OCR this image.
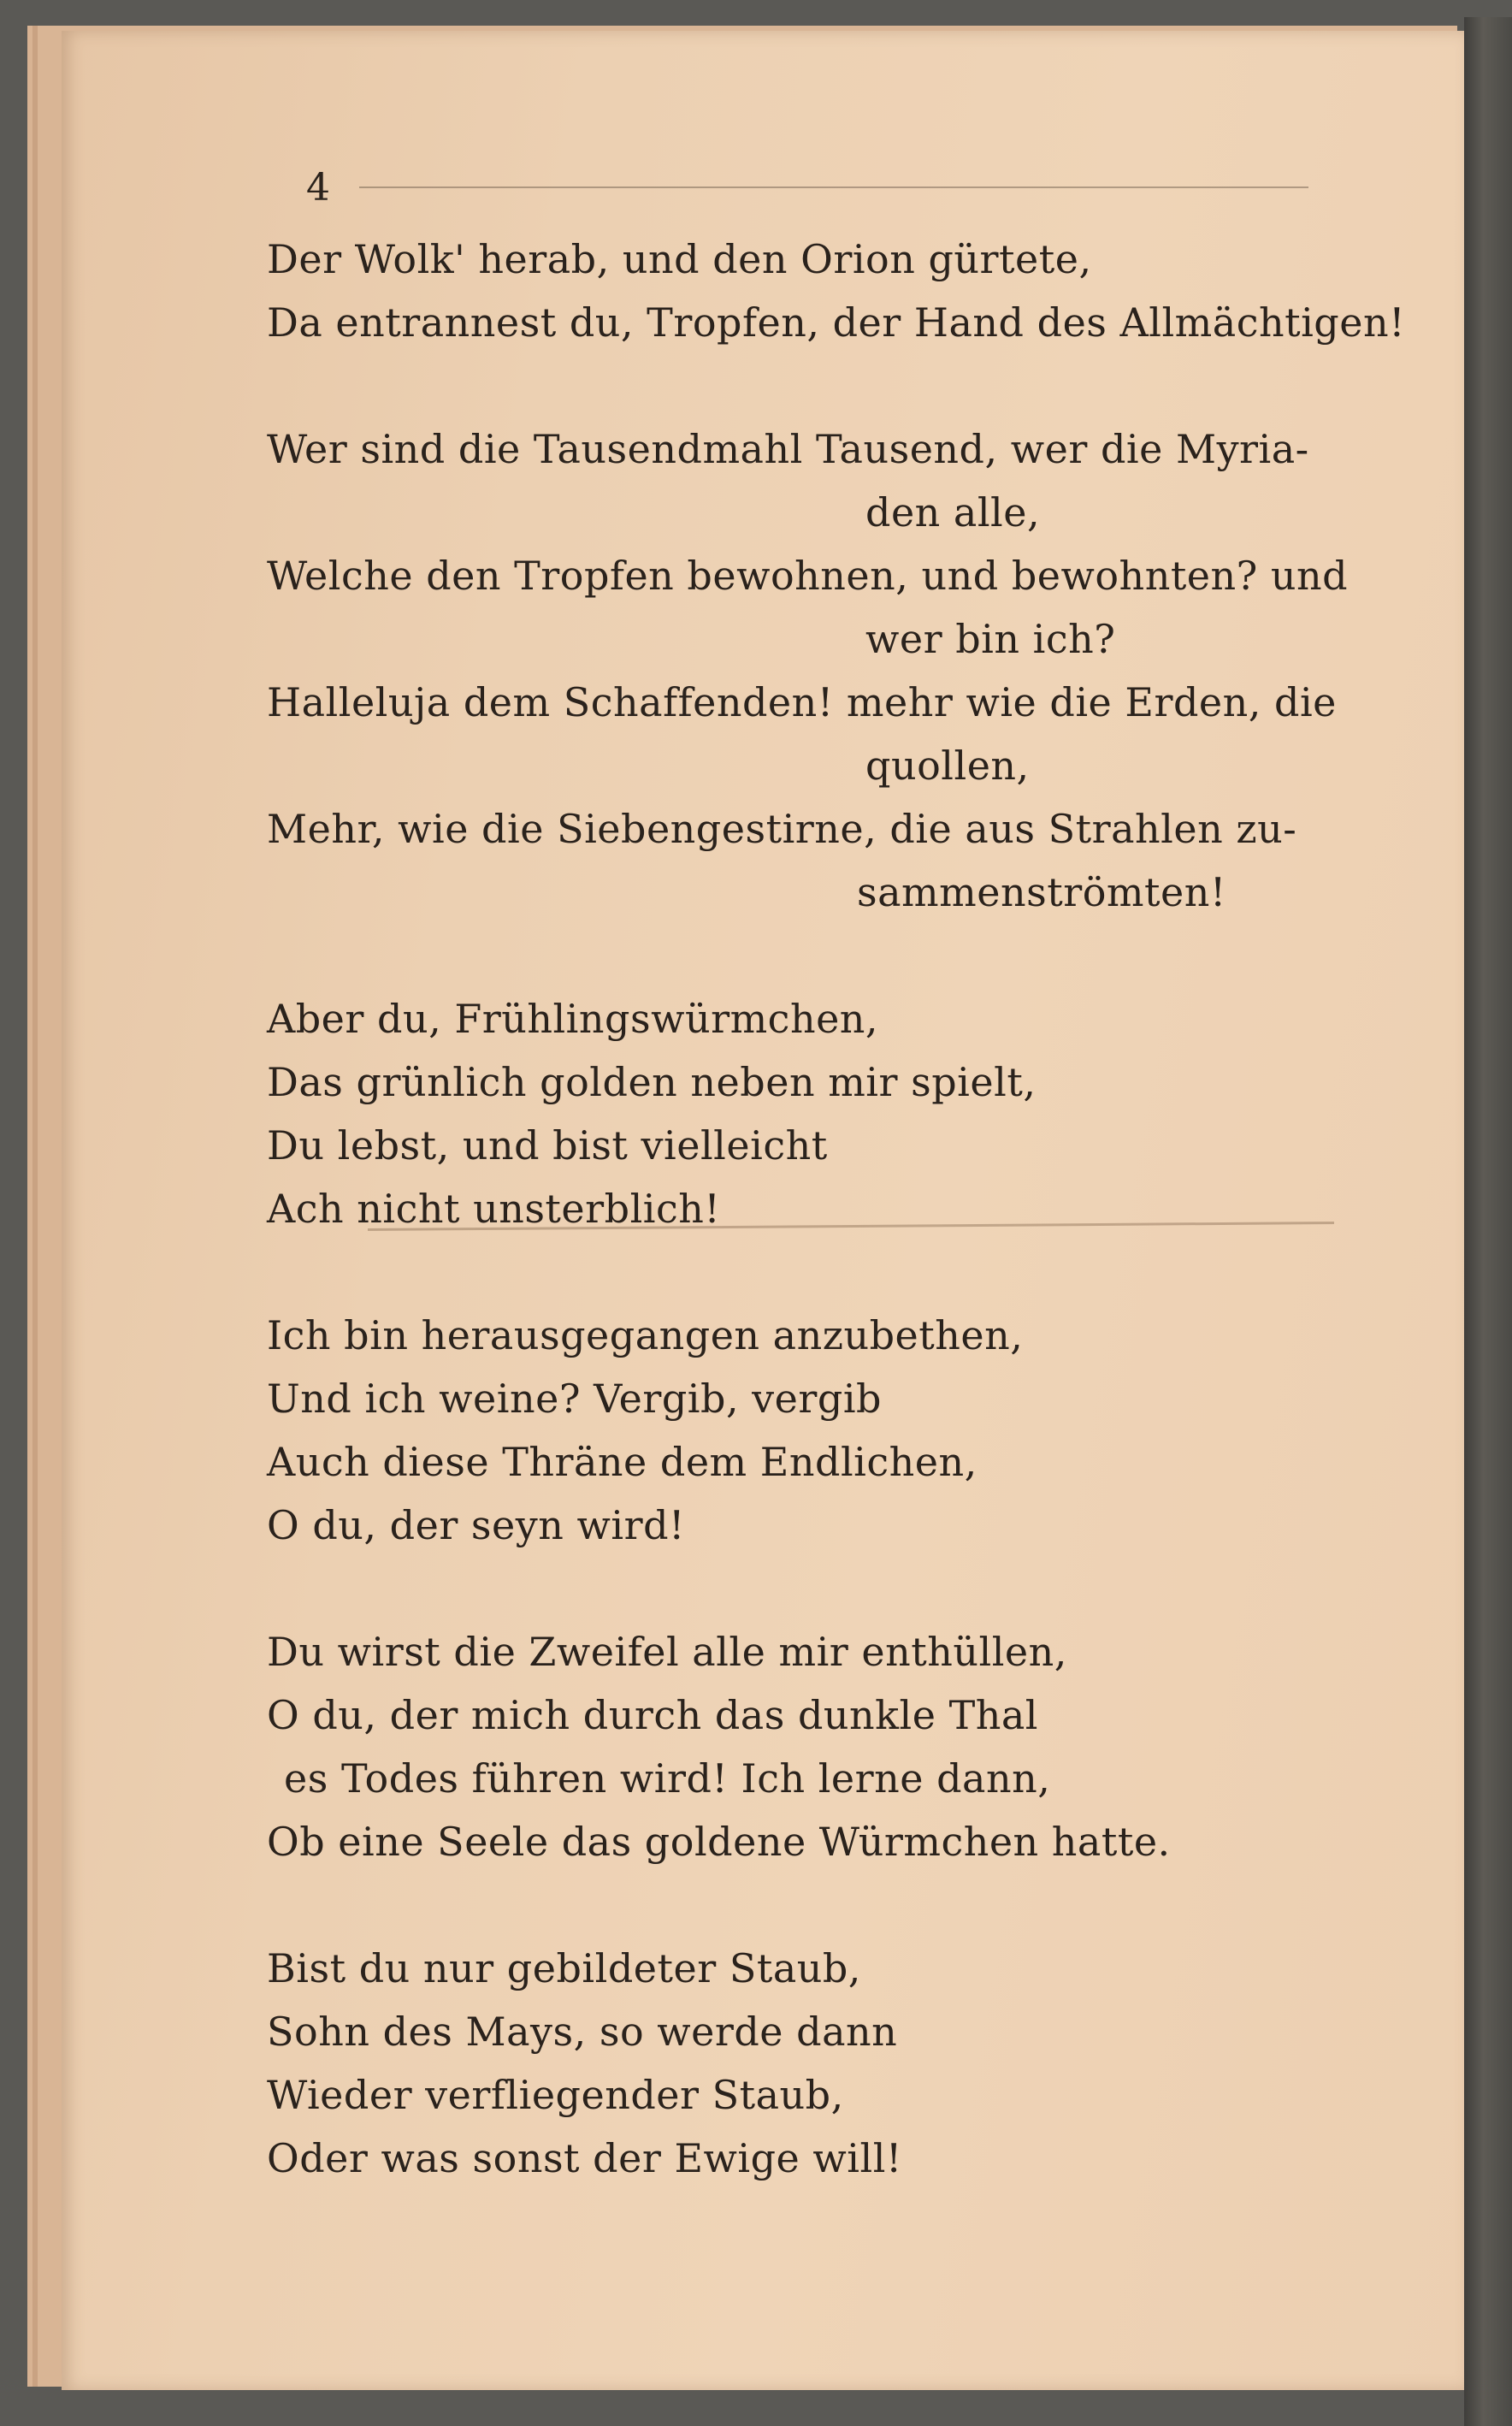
4
Der Wolk' herab, und den Orion gürtete,
Da entrannest du, Tropfen, der Hand des Allmächtigen!
Wer sind die Tausendmahl Tausend, wer die Myria-
den alle,
Welche den Tropfen bewohnen, und bewohnten? und
wer bin ich?
Halleluja dem Schaffenden! mehr wie die Erden, die
quollen,
Mehr, wie die Siebengestirne, die aus Strahlen zu-
sammenströmten!
Aber du, Frühlingswürmchen,
Das grünlich golden neben mir spielt,
Du lebst, und bist vielleicht
Ach nicht unsterblich!
Ich bin herausgegangen anzubethen,
Und ich weine? Vergib, vergib
Auch diese Thräne dem Endlichen,
O du, der seyn wird!
Du wirst die Zweifel alle mir enthüllen,
O du, der mich durch das dunkle Thal
es Todes führen wird! Ich lerne dann,
Ob eine Seele das goldene Würmchen hatte.
Bist du nur gebildeter Staub,
Sohn des Mays, so werde dann
Wieder verfliegender Staub,
Oder was sonst der Ewige will!
